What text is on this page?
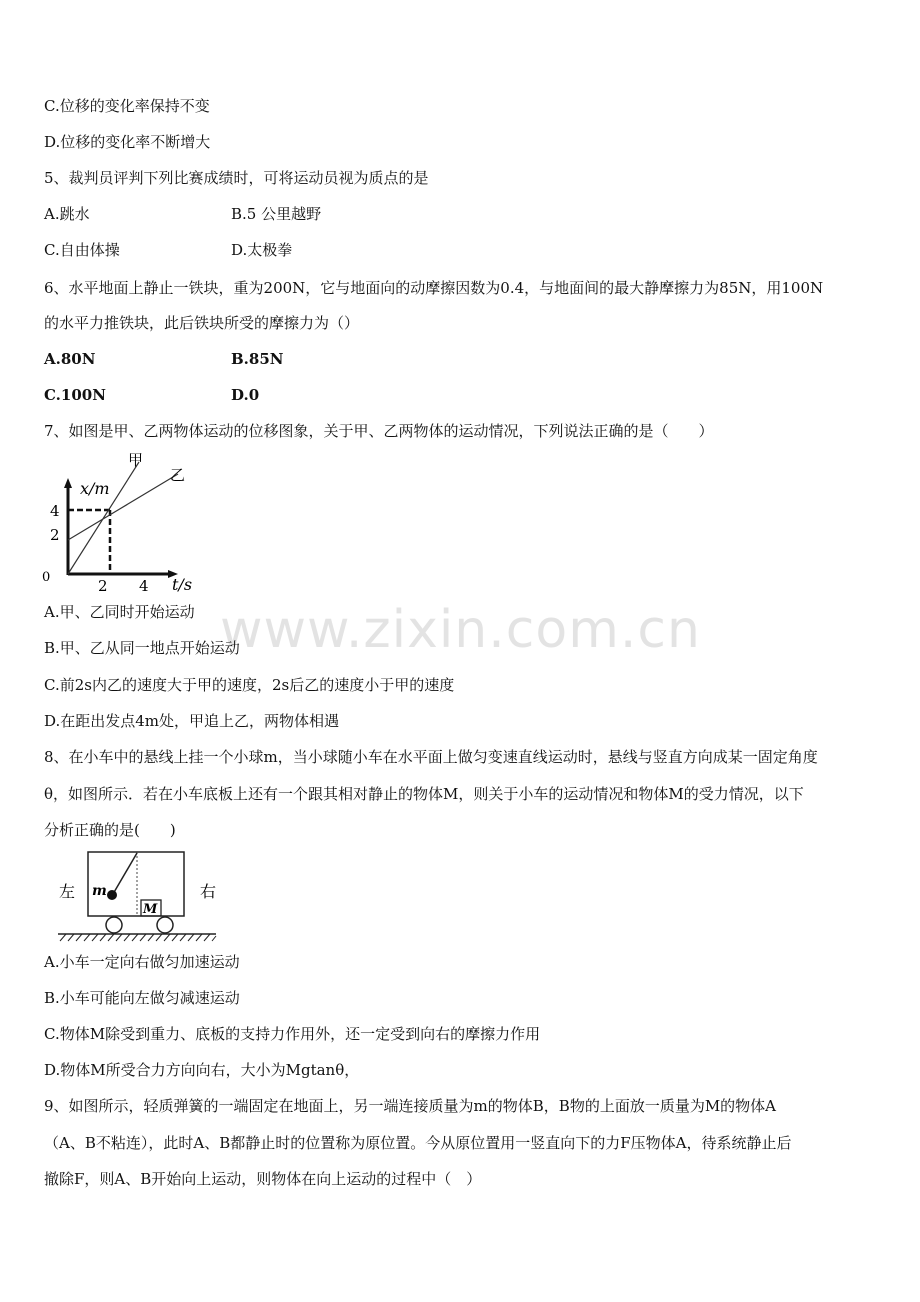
www.zixin.com.cn
C.位移的变化率保持不变
D.位移的变化率不断增大
5、裁判员评判下列比赛成绩时，可将运动员视为质点的是
A.跳水	B.5 公里越野
C.自由体操	D.太极拳
6、水平地面上静止一铁块，重为200N，它与地面向的动摩擦因数为0.4，与地面间的最大静摩擦力为85N，用100N
的水平力推铁块，此后铁块所受的摩擦力为（）
A.80N	B.85N
C.100N	D.0
7、如图是甲、乙两物体运动的位移图象，关于甲、乙两物体的运动情况，下列说法正确的是（　　）
甲
乙
x/m
t/s
4
2
0	2 4
A.甲、乙同时开始运动
B.甲、乙从同一地点开始运动
C.前2s内乙的速度大于甲的速度，2s后乙的速度小于甲的速度
D.在距出发点4m处，甲追上乙，两物体相遇
8、在小车中的悬线上挂一个小球m，当小球随小车在水平面上做匀变速直线运动时，悬线与竖直方向成某一固定角度
θ，如图所示．若在小车底板上还有一个跟其相对静止的物体M，则关于小车的运动情况和物体M的受力情况，以下
分析正确的是(　　)
m
M
左	右
A.小车一定向右做匀加速运动
B.小车可能向左做匀减速运动
C.物体M除受到重力、底板的支持力作用外，还一定受到向右的摩擦力作用
D.物体M所受合力方向向右，大小为Mgtanθ，
9、如图所示，轻质弹簧的一端固定在地面上，另一端连接质量为m的物体B，B物的上面放一质量为M的物体A
（A、B不粘连），此时A、B都静止时的位置称为原位置。今从原位置用一竖直向下的力F压物体A，待系统静止后
撤除F，则A、B开始向上运动，则物体在向上运动的过程中（　）
